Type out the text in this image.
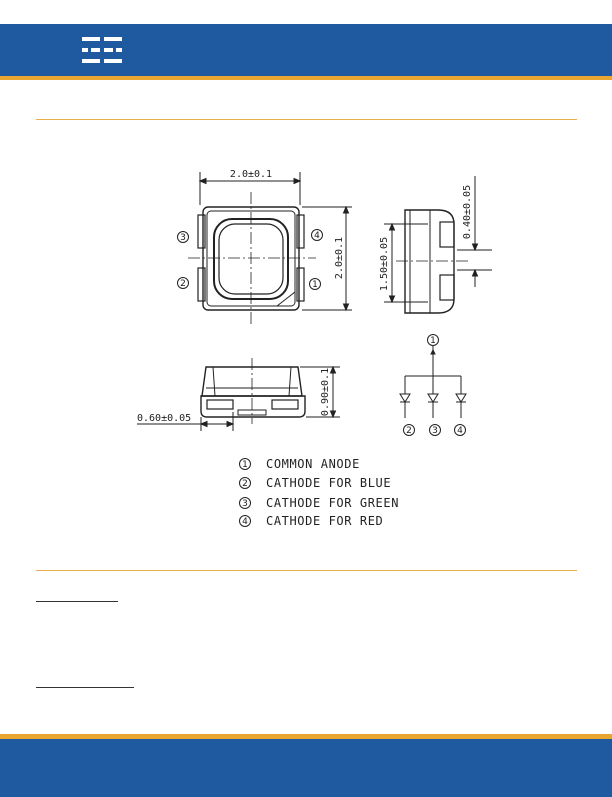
3
2
4
1
1
2 3 4
2.0±0.1
2.0±0.1	1.50±0.05
0.40±0.05
0.90±0.1
0.60±0.05
1 COMMON ANODE
2 CATHODE FOR BLUE
3 CATHODE FOR GREEN
4 CATHODE FOR RED
